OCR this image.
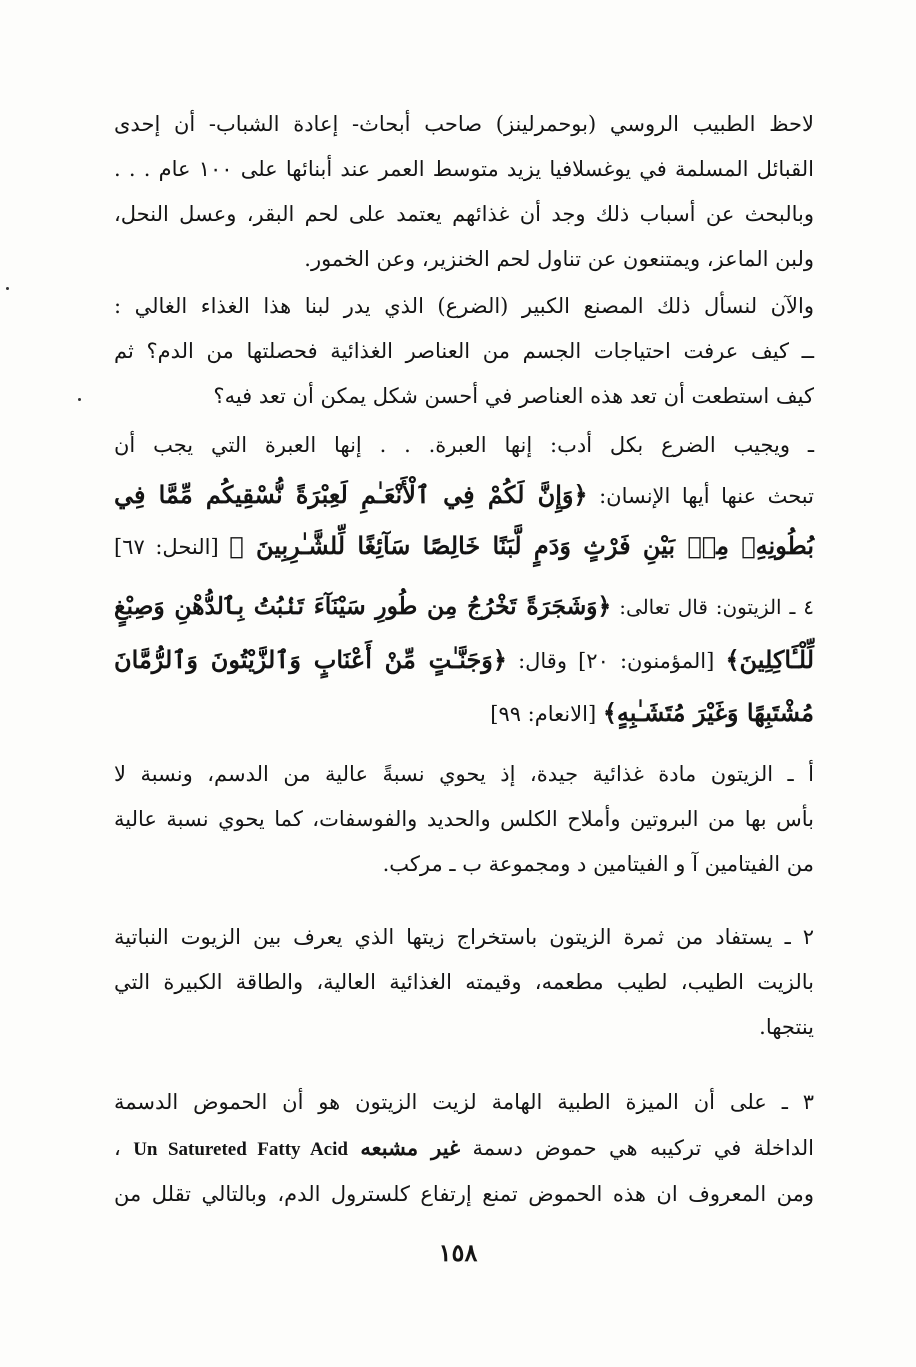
لاحظ الطبيب الروسي (بوحمرلينز) صاحب أبحاث- إعادة الشباب- أن إحدى
القبائل المسلمة في يوغسلافيا يزيد متوسط العمر عند أبنائها على ١٠٠ عام . . .
وبالبحث عن أسباب ذلك وجد أن غذائهم يعتمد على لحم البقر، وعسل النحل،
ولبن الماعز، ويمتنعون عن تناول لحم الخنزير، وعن الخمور.
والآن لنسأل ذلك المصنع الكبير (الضرع) الذي يدر لبنا هذا الغذاء الغالي :
ــ كيف عرفت احتياجات الجسم من العناصر الغذائية فحصلتها من الدم؟ ثم
كيف استطعت أن تعد هذه العناصر في أحسن شكل يمكن أن تعد فيه؟
ـ ويجيب الضرع بكل أدب: إنها العبرة. . . إنها العبرة التي يجب أن
تبحث عنها أيها الإنسان: ﴿وَإِنَّ لَكُمْ فِي ٱلْأَنْعَـٰمِ لَعِبْرَةً نُّسْقِيكُم مِّمَّا فِي
بُطُونِهِۦ مِنۢ بَيْنِ فَرْثٍ وَدَمٍ لَّبَنًا خَالِصًا سَآئِغًا لِّلشَّـٰرِبِينَ ﴾ [النحل: ٦٧]
٤ ـ الزيتون: قال تعالى: ﴿وَشَجَرَةً تَخْرُجُ مِن طُورِ سَيْنَآءَ تَنۢبُتُ بِٱلدُّهْنِ وَصِبْغٍ
لِّلْـَٔاكِلِينَ﴾ [المؤمنون: ٢٠] وقال: ﴿وَجَنَّـٰتٍ مِّنْ أَعْنَابٍ وَٱلزَّيْتُونَ وَٱلرُّمَّانَ
مُشْتَبِهًا وَغَيْرَ مُتَشَـٰبِهٍ﴾ [الانعام: ٩٩]
أ ـ الزيتون مادة غذائية جيدة، إذ يحوي نسبةً عالية من الدسم، ونسبة لا
بأس بها من البروتين وأملاح الكلس والحديد والفوسفات، كما يحوي نسبة عالية
من الفيتامين آ و الفيتامين د ومجموعة ب ـ مركب.
٢ ـ يستفاد من ثمرة الزيتون باستخراج زيتها الذي يعرف بين الزيوت النباتية
بالزيت الطيب، لطيب مطعمه، وقيمته الغذائية العالية، والطاقة الكبيرة التي
ينتجها.
٣ ـ على أن الميزة الطبية الهامة لزيت الزيتون هو أن الحموض الدسمة
الداخلة في تركيبه هي حموض دسمة غير مشبعه Un Satureted Fatty Acid ،
ومن المعروف ان هذه الحموض تمنع إرتفاع كلسترول الدم، وبالتالي تقلل من
١٥٨
